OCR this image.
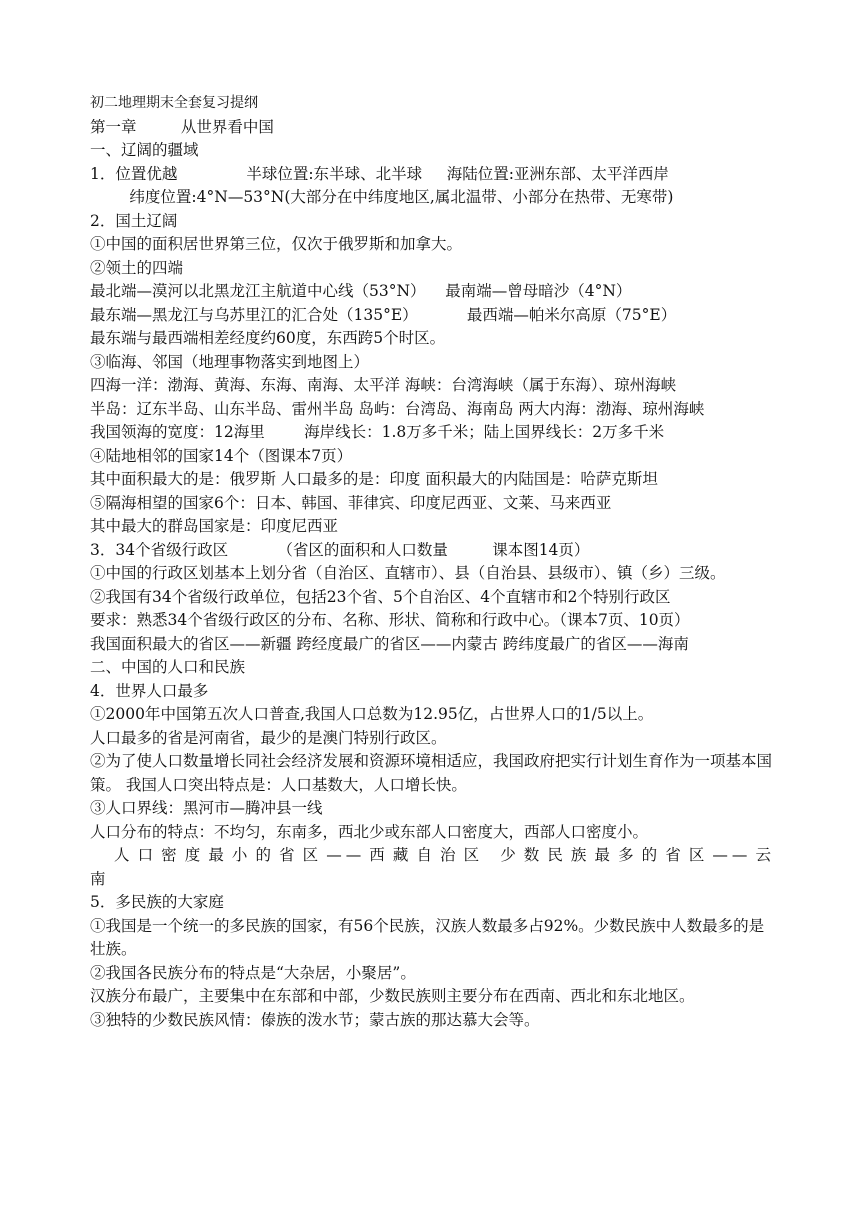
初二地理期末全套复习提纲
第一章         从世界看中国
一、辽阔的疆域
1．位置优越              半球位置:东半球、北半球     海陆位置:亚洲东部、太平洋西岸
纬度位置:4°N—53°N(大部分在中纬度地区,属北温带、小部分在热带、无寒带)
2．国土辽阔
①中国的面积居世界第三位，仅次于俄罗斯和加拿大。
②领土的四端
最北端—漠河以北黑龙江主航道中心线（53°N）    最南端—曾母暗沙（4°N）
最东端—黑龙江与乌苏里江的汇合处（135°E）          最西端—帕米尔高原（75°E）
最东端与最西端相差经度约60度，东西跨5个时区。
③临海、邻国（地理事物落实到地图上）
四海一洋：渤海、黄海、东海、南海、太平洋 海峡：台湾海峡（属于东海）、琼州海峡
半岛：辽东半岛、山东半岛、雷州半岛 岛屿：台湾岛、海南岛 两大内海：渤海、琼州海峡
我国领海的宽度：12海里        海岸线长：1.8万多千米；陆上国界线长：2万多千米
④陆地相邻的国家14个（图课本7页）
其中面积最大的是：俄罗斯 人口最多的是：印度 面积最大的内陆国是：哈萨克斯坦
⑤隔海相望的国家6个：日本、韩国、菲律宾、印度尼西亚、文莱、马来西亚
其中最大的群岛国家是：印度尼西亚
3．34个省级行政区          （省区的面积和人口数量         课本图14页）
①中国的行政区划基本上划分省（自治区、直辖市）、县（自治县、县级市）、镇（乡）三级。
②我国有34个省级行政单位，包括23个省、5个自治区、4个直辖市和2个特别行政区
要求：熟悉34个省级行政区的分布、名称、形状、简称和行政中心。（课本7页、10页）
我国面积最大的省区——新疆 跨经度最广的省区——内蒙古 跨纬度最广的省区——海南
二、中国的人口和民族
4．世界人口最多
①2000年中国第五次人口普查,我国人口总数为12.95亿，占世界人口的1/5以上。
人口最多的省是河南省，最少的是澳门特别行政区。
②为了使人口数量增长同社会经济发展和资源环境相适应，我国政府把实行计划生育作为一项基本国策。 我国人口突出特点是：人口基数大，人口增长快。
③人口界线：黑河市—腾冲县一线
人口分布的特点：不均匀，东南多，西北少或东部人口密度大，西部人口密度小。
人口密度最小的省区——西藏自治区 少数民族最多的省区——云
南
5．多民族的大家庭
①我国是一个统一的多民族的国家，有56个民族，汉族人数最多占92%。少数民族中人数最多的是壮族。
②我国各民族分布的特点是“大杂居，小聚居”。
汉族分布最广，主要集中在东部和中部，少数民族则主要分布在西南、西北和东北地区。
③独特的少数民族风情：傣族的泼水节；蒙古族的那达慕大会等。
